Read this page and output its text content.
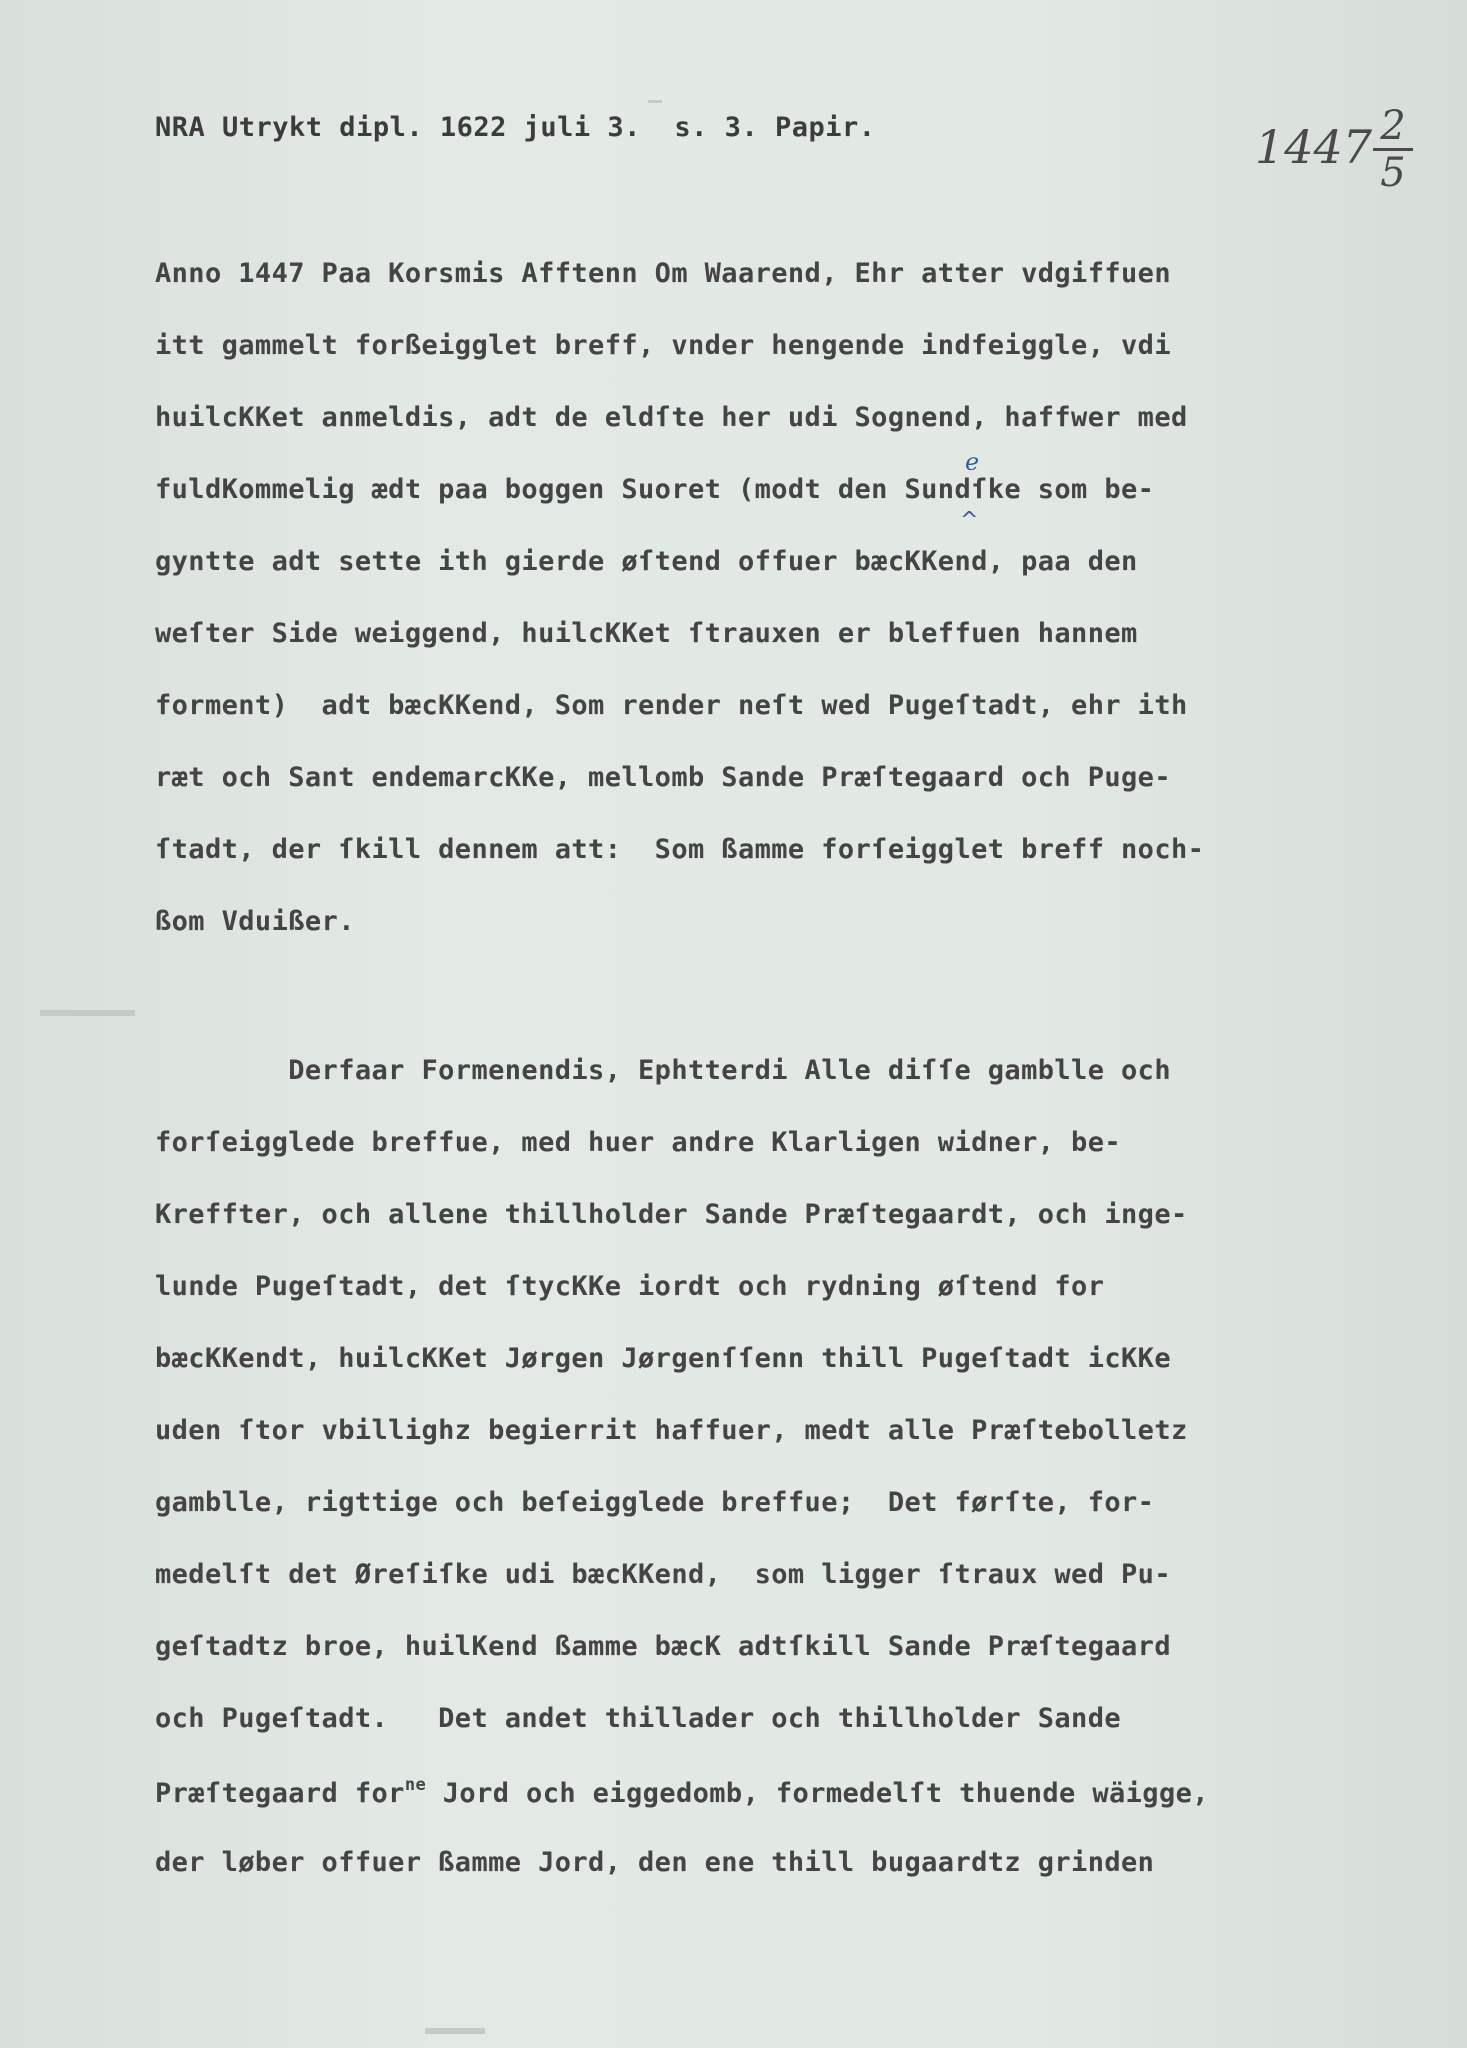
NRA Utrykt dipl. 1622 juli 3.  s. 3. Papir.	$1447 \frac{2}{5}$
Anno 1447 Paa Korsmis Afftenn Om Waarend, Ehr atter vdgiffuen
itt gammelt forßeigglet breff, vnder hengende indfeiggle, vdi
huilcKKet anmeldis, adt de eldſte her udi Sognend, haffwer med
fuldKommelig ædt paa boggen Suoret (modt den Sundſke som be-
gyntte adt sette ith gierde øſtend offuer bæcKKend, paa den
weſter Side weiggend, huilcKKet ſtrauxen er bleffuen hannem
forment)  adt bæcKKend, Som render neſt wed Pugeſtadt, ehr ith
ræt och Sant endemarcKKe, mellomb Sande Præſtegaard och Puge-
ſtadt, der ſkill dennem att:  Som ßamme forſeigglet breff noch-
ßom Vduißer.
e
^
Derfaar Formenendis, Ephtterdi Alle diſſe gamblle och
forſeigglede breffue, med huer andre Klarligen widner, be-
Kreffter, och allene thillholder Sande Præſtegaardt, och inge-
lunde Pugeſtadt, det ſtycKKe iordt och rydning øſtend for
bæcKKendt, huilcKKet Jørgen Jørgenſſenn thill Pugeſtadt icKKe
uden ſtor vbillighz begierrit haffuer, medt alle Præſtebolletz
gamblle, rigttige och beſeigglede breffue;  Det førſte, for-
medelſt det Øreſiſke udi bæcKKend,  som ligger ſtraux wed Pu-
geſtadtz broe, huilKend ßamme bæcK adtſkill Sande Præſtegaard
och Pugeſtadt.   Det andet thillader och thillholder Sande
Præſtegaard for$^{ne}$ Jord och eiggedomb, formedelſt thuende wäigge,
der løber offuer ßamme Jord, den ene thill bugaardtz grinden
